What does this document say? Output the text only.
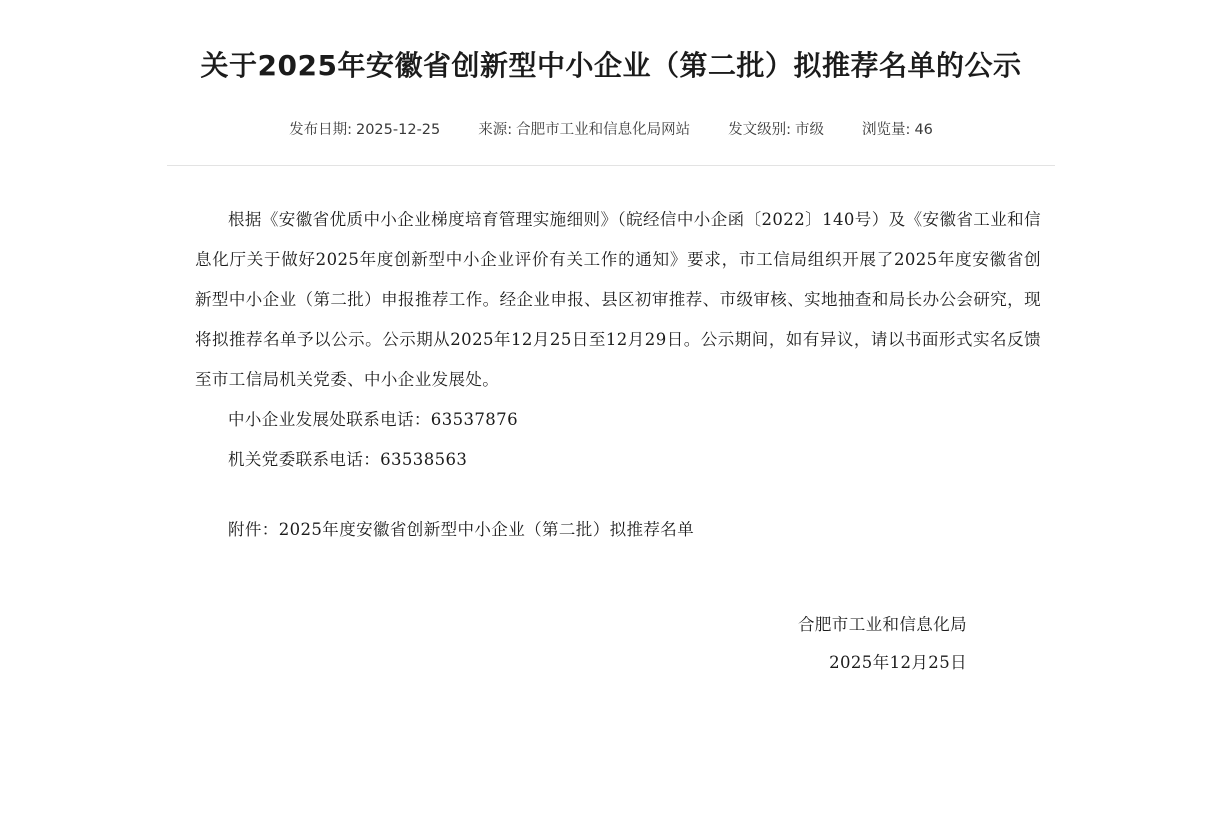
关于2025年安徽省创新型中小企业（第二批）拟推荐名单的公示
发布日期: 2025-12-25	来源: 合肥市工业和信息化局网站	发文级别: 市级	浏览量: 46

根据《安徽省优质中小企业梯度培育管理实施细则》（皖经信中小企函〔2022〕140号）及《安徽省工业和信息化厅关于做好2025年度创新型中小企业评价有关工作的通知》要求，市工信局组织开展了2025年度安徽省创新型中小企业（第二批）申报推荐工作。经企业申报、县区初审推荐、市级审核、实地抽查和局长办公会研究，现将拟推荐名单予以公示。公示期从2025年12月25日至12月29日。公示期间，如有异议，请以书面形式实名反馈至市工信局机关党委、中小企业发展处。

中小企业发展处联系电话：63537876

机关党委联系电话：63538563

附件：2025年度安徽省创新型中小企业（第二批）拟推荐名单

合肥市工业和信息化局
2025年12月25日
